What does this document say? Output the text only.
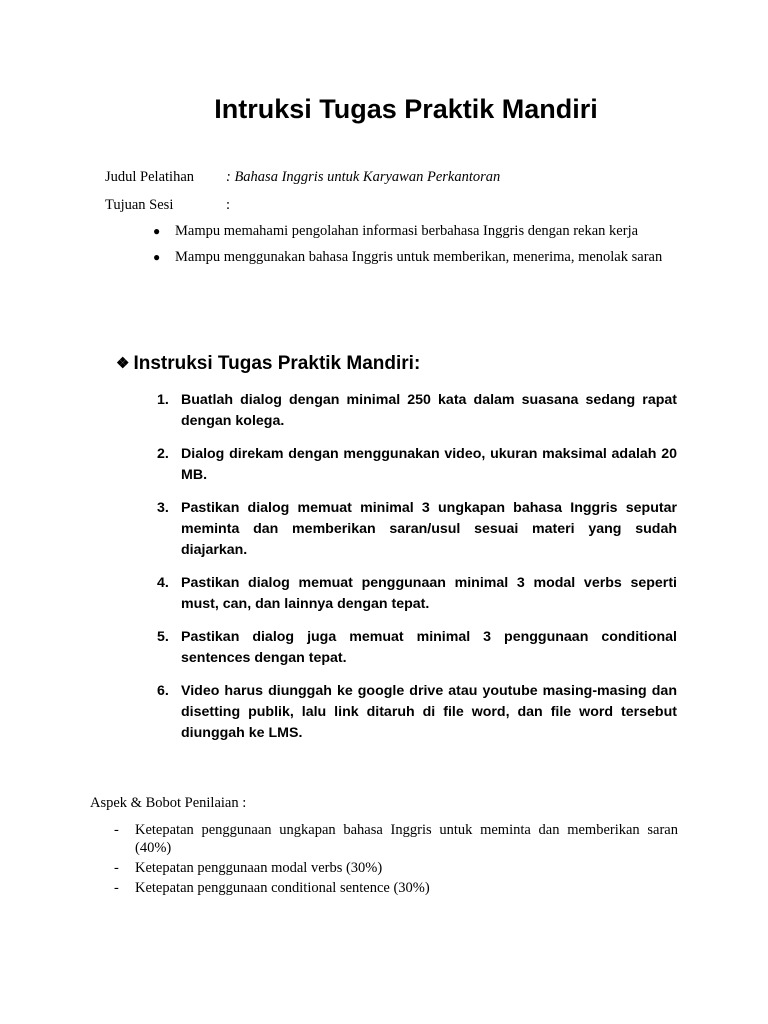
Intruksi Tugas Praktik Mandiri
Judul Pelatihan : Bahasa Inggris untuk Karyawan Perkantoran
Tujuan Sesi	:
● Mampu memahami pengolahan informasi berbahasa Inggris dengan rekan kerja
● Mampu menggunakan bahasa Inggris untuk memberikan, menerima, menolak saran
❖ Instruksi Tugas Praktik Mandiri:
1. Buatlah dialog dengan minimal 250 kata dalam suasana sedang rapat dengan kolega.
2. Dialog direkam dengan menggunakan video, ukuran maksimal adalah 20 MB.
3. Pastikan dialog memuat minimal 3 ungkapan bahasa Inggris seputar meminta dan memberikan saran/usul sesuai materi yang sudah diajarkan.
4. Pastikan dialog memuat penggunaan minimal 3 modal verbs seperti must, can, dan lainnya dengan tepat.
5. Pastikan dialog juga memuat minimal 3 penggunaan conditional sentences dengan tepat.
6. Video harus diunggah ke google drive atau youtube masing-masing dan disetting publik, lalu link ditaruh di file word, dan file word tersebut diunggah ke LMS.
Aspek & Bobot Penilaian :
- Ketepatan penggunaan ungkapan bahasa Inggris untuk meminta dan memberikan saran (40%)
- Ketepatan penggunaan modal verbs (30%)
- Ketepatan penggunaan conditional sentence (30%)
